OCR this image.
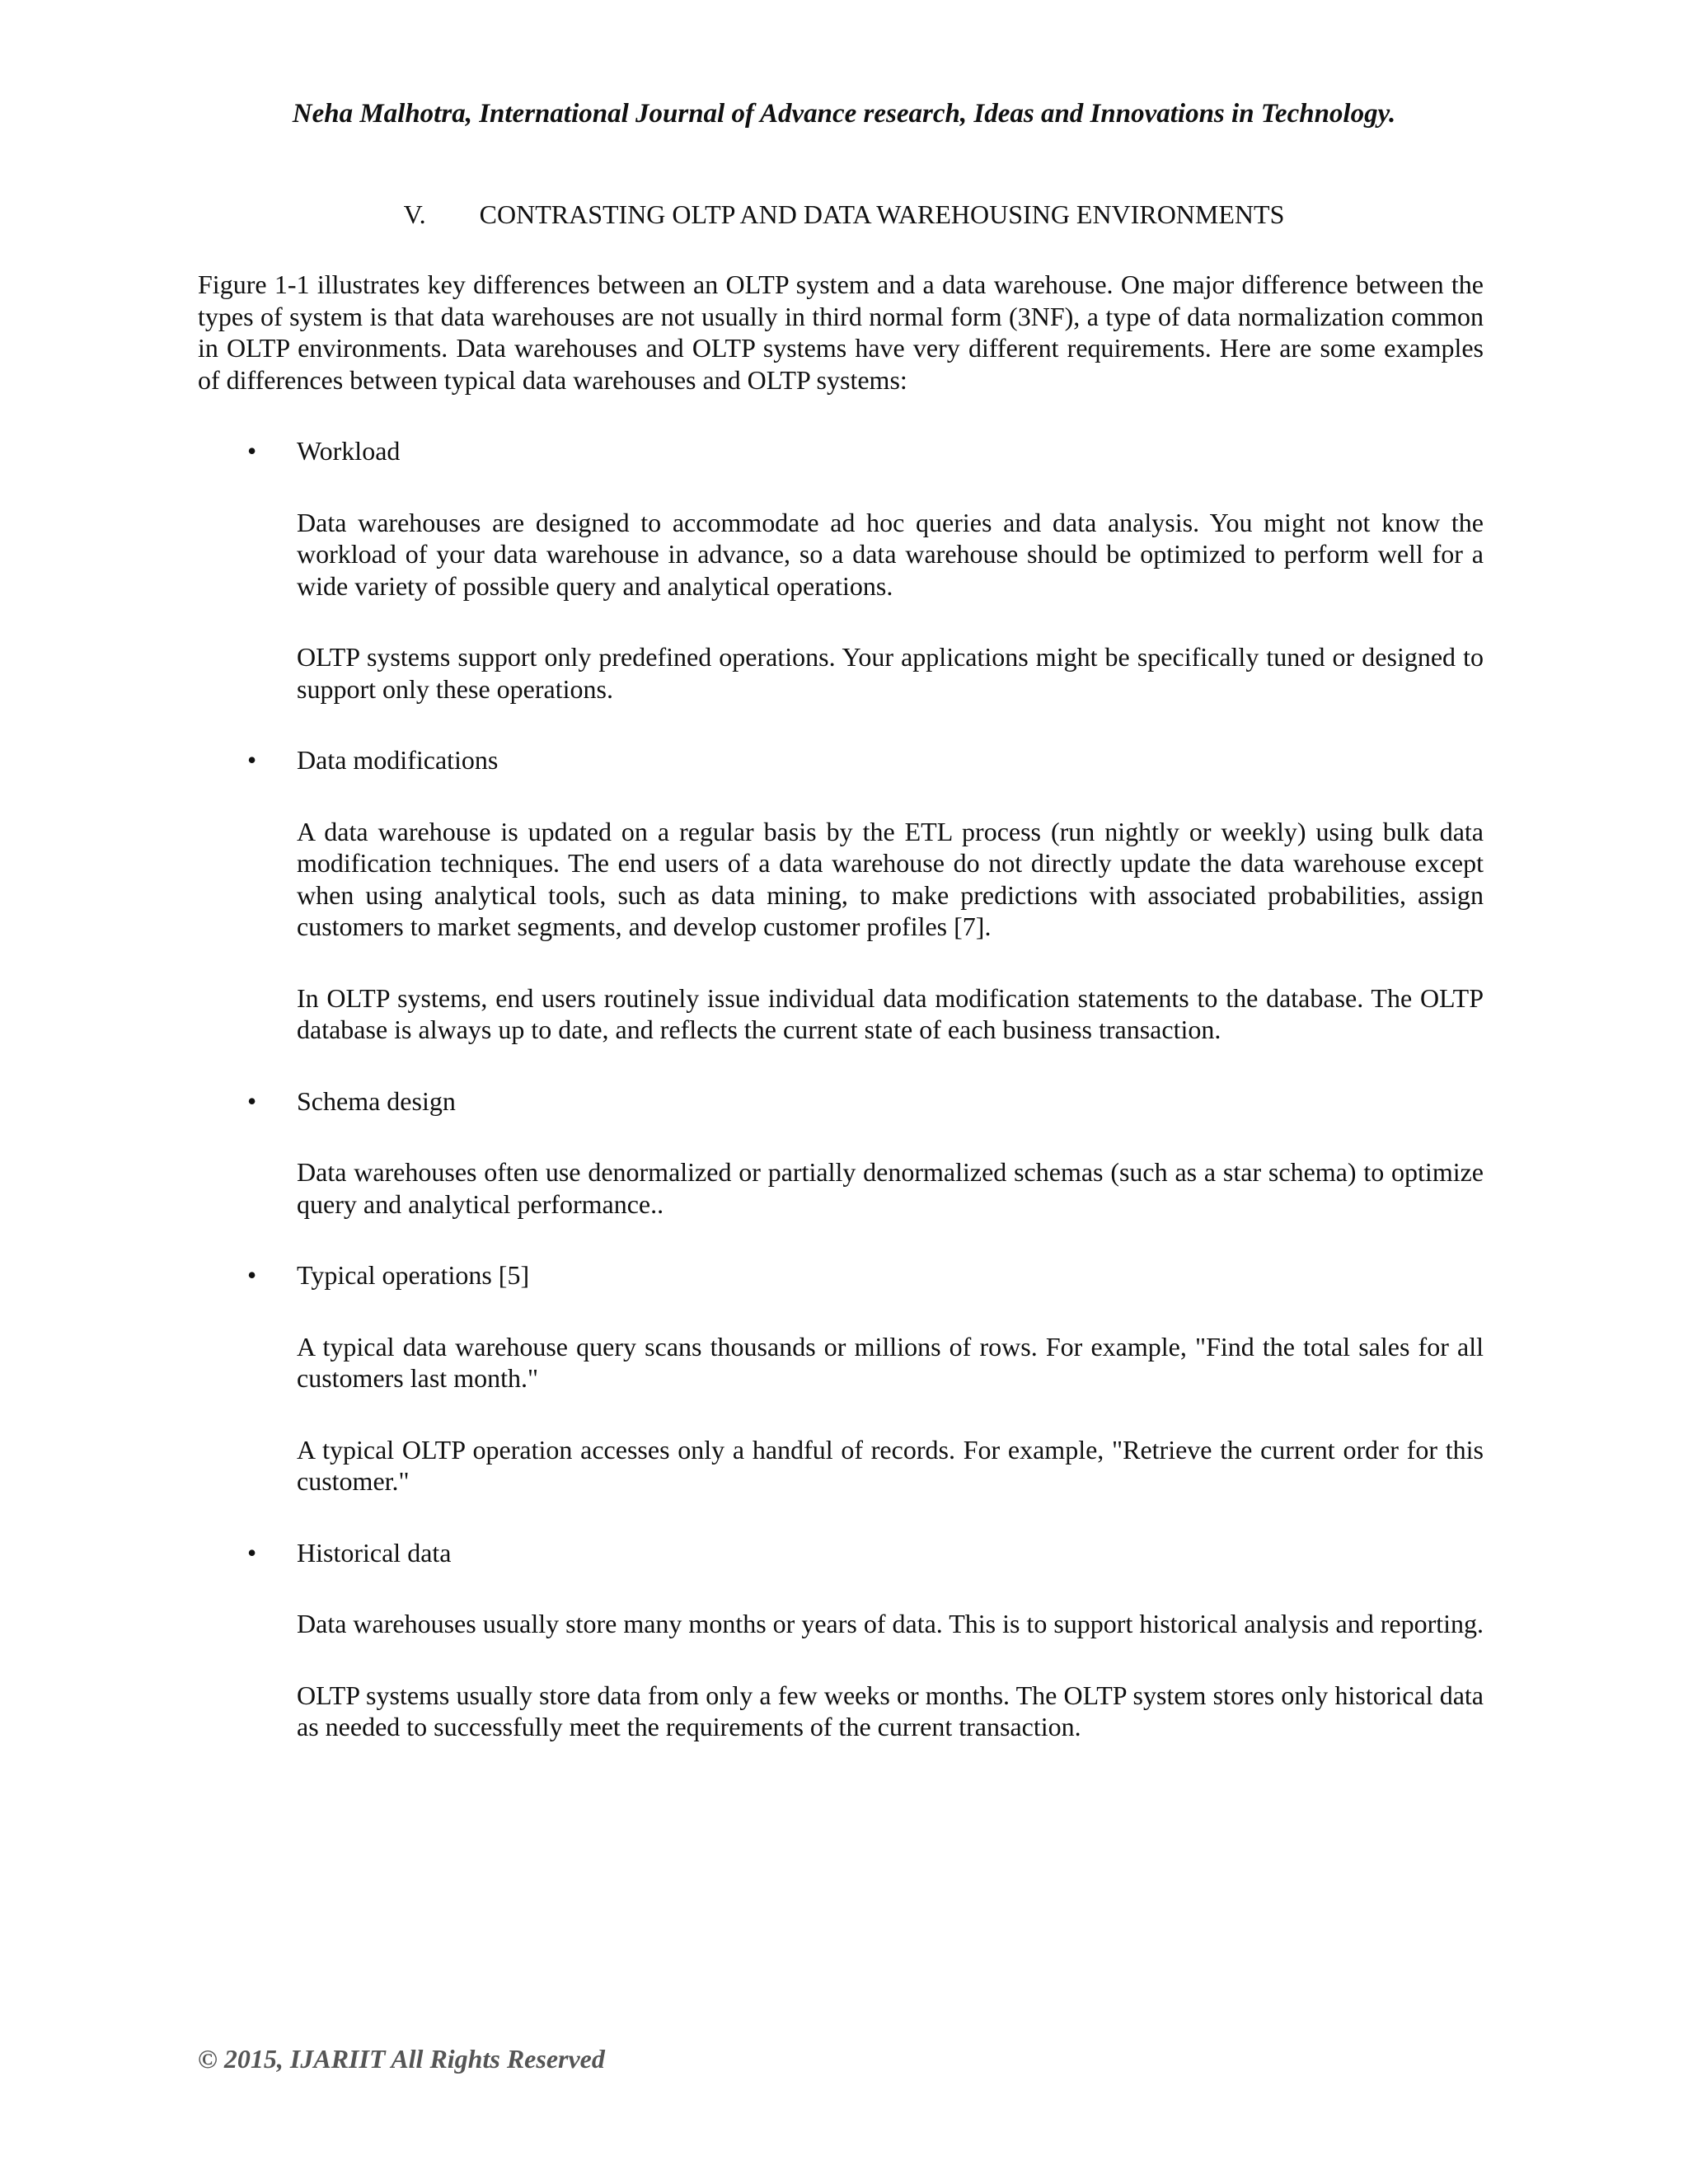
Neha Malhotra, International Journal of Advance research, Ideas and Innovations in Technology.
V. CONTRASTING OLTP AND DATA WAREHOUSING ENVIRONMENTS

Figure 1-1 illustrates key differences between an OLTP system and a data warehouse. One major difference between the types of system is that data warehouses are not usually in third normal form (3NF), a type of data normalization common in OLTP environments. Data warehouses and OLTP systems have very different requirements. Here are some examples of differences between typical data warehouses and OLTP systems:

•	Workload

Data warehouses are designed to accommodate ad hoc queries and data analysis. You might not know the workload of your data warehouse in advance, so a data warehouse should be optimized to perform well for a wide variety of possible query and analytical operations.

OLTP systems support only predefined operations. Your applications might be specifically tuned or designed to support only these operations.

•	Data modifications

A data warehouse is updated on a regular basis by the ETL process (run nightly or weekly) using bulk data modification techniques. The end users of a data warehouse do not directly update the data warehouse except when using analytical tools, such as data mining, to make predictions with associated probabilities, assign customers to market segments, and develop customer profiles [7].

In OLTP systems, end users routinely issue individual data modification statements to the database. The OLTP database is always up to date, and reflects the current state of each business transaction.

•	Schema design

Data warehouses often use denormalized or partially denormalized schemas (such as a star schema) to optimize query and analytical performance..

•	Typical operations [5]

A typical data warehouse query scans thousands or millions of rows. For example, "Find the total sales for all customers last month."

A typical OLTP operation accesses only a handful of records. For example, "Retrieve the current order for this customer."

•	Historical data

Data warehouses usually store many months or years of data. This is to support historical analysis and reporting.

OLTP systems usually store data from only a few weeks or months. The OLTP system stores only historical data as needed to successfully meet the requirements of the current transaction.

© 2015, IJARIIT All Rights Reserved
